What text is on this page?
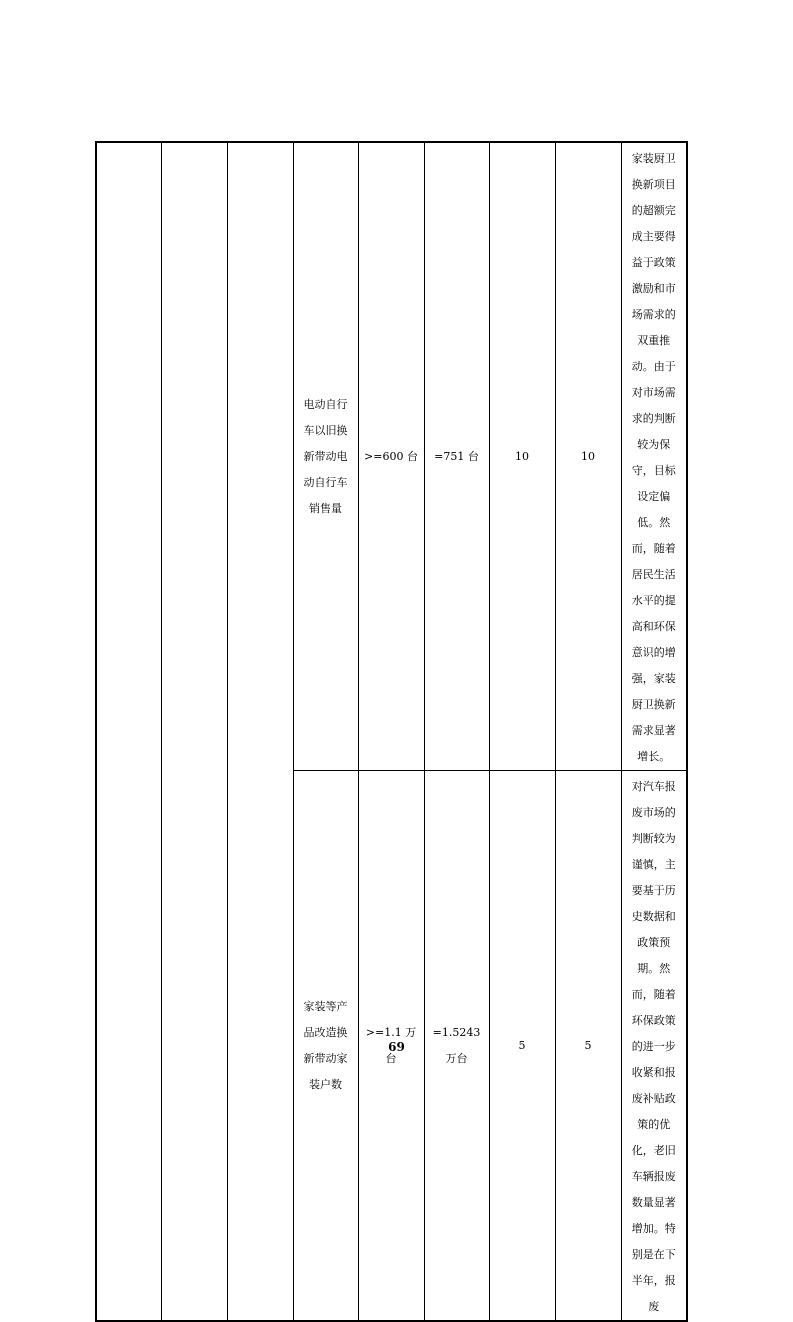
			电动自行车以旧换新带动电动自行车销售量	>=600 台	=751 台	10	10	家装厨卫换新项目的超额完成主要得益于政策激励和市场需求的双重推动。由于对市场需求的判断较为保守，目标设定偏低。然而，随着居民生活水平的提高和环保意识的增强，家装厨卫换新需求显著增长。

			家装等产品改造换新带动家装户数	>=1.1 万台	=1.5243 万台	5	5	对汽车报废市场的判断较为谨慎，主要基于历史数据和政策预期。然而，随着环保政策的进一步收紧和报废补贴政策的优化，老旧车辆报废数量显著增加。特别是在下半年，报废
69
